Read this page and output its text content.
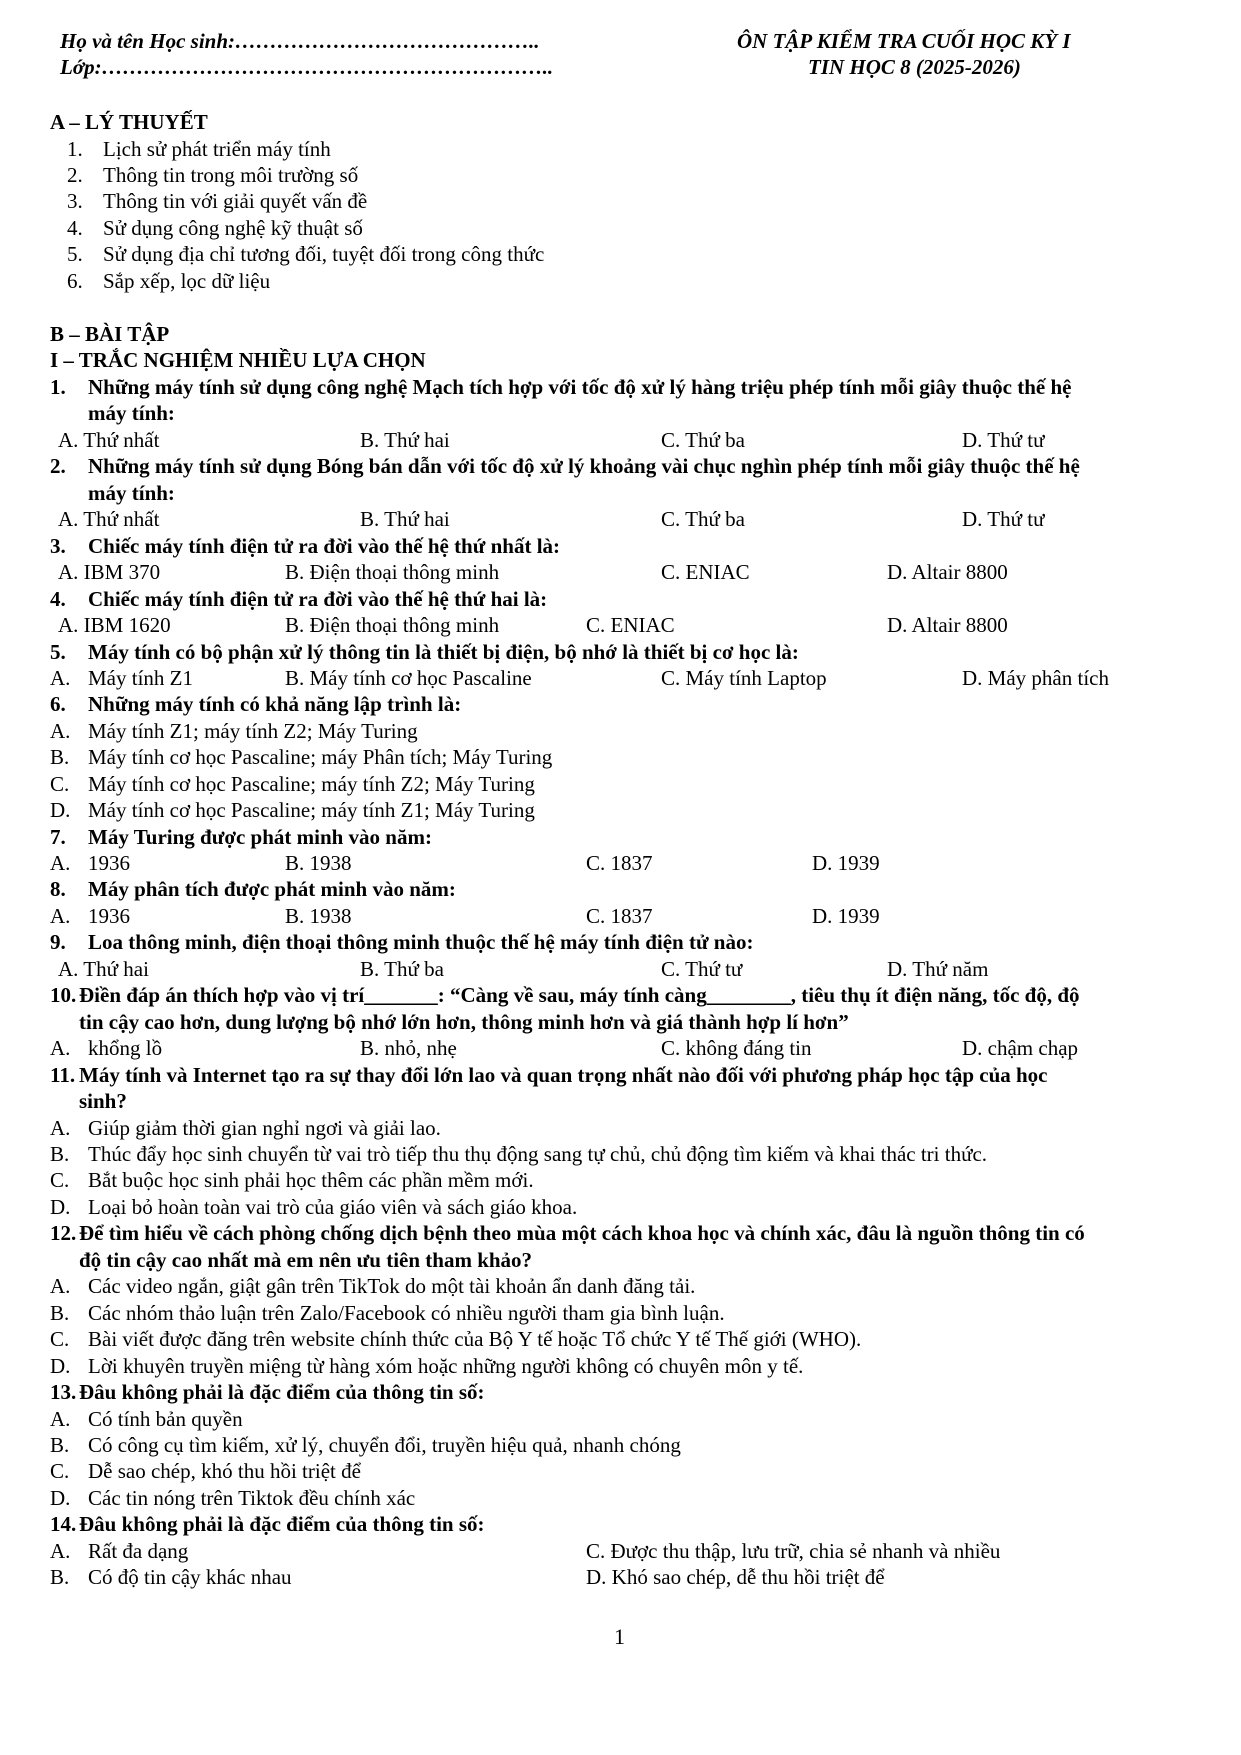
Họ và tên Học sinh:……………………………………..
Lớp:………………………………………………………..
ÔN TẬP KIỂM TRA CUỐI HỌC KỲ I
TIN HỌC 8 (2025-2026)
A – LÝ THUYẾT
1. Lịch sử phát triển máy tính
2. Thông tin trong môi trường số
3. Thông tin với giải quyết vấn đề
4. Sử dụng công nghệ kỹ thuật số
5. Sử dụng địa chỉ tương đối, tuyệt đối trong công thức
6. Sắp xếp, lọc dữ liệu
B – BÀI TẬP
I – TRẮC NGHIỆM NHIỀU LỰA CHỌN
1. Những máy tính sử dụng công nghệ Mạch tích hợp với tốc độ xử lý hàng triệu phép tính mỗi giây thuộc thế hệ
máy tính:
A. Thứ nhất	B. Thứ hai	C. Thứ ba	D. Thứ tư
2. Những máy tính sử dụng Bóng bán dẫn với tốc độ xử lý khoảng vài chục nghìn phép tính mỗi giây thuộc thế hệ
máy tính:
A. Thứ nhất	B. Thứ hai	C. Thứ ba	D. Thứ tư
3. Chiếc máy tính điện tử ra đời vào thế hệ thứ nhất là:
A. IBM 370	B. Điện thoại thông minh	C. ENIAC	D. Altair 8800
4. Chiếc máy tính điện tử ra đời vào thế hệ thứ hai là:
A. IBM 1620	B. Điện thoại thông minh	C. ENIAC	D. Altair 8800
5. Máy tính có bộ phận xử lý thông tin là thiết bị điện, bộ nhớ là thiết bị cơ học là:
A. Máy tính Z1	B. Máy tính cơ học Pascaline	C. Máy tính Laptop	D. Máy phân tích
6. Những máy tính có khả năng lập trình là:
A. Máy tính Z1; máy tính Z2; Máy Turing
B. Máy tính cơ học Pascaline; máy Phân tích; Máy Turing
C. Máy tính cơ học Pascaline; máy tính Z2; Máy Turing
D. Máy tính cơ học Pascaline; máy tính Z1; Máy Turing
7. Máy Turing được phát minh vào năm:
A. 1936	B. 1938	C. 1837	D. 1939
8. Máy phân tích được phát minh vào năm:
A. 1936	B. 1938	C. 1837	D. 1939
9. Loa thông minh, điện thoại thông minh thuộc thế hệ máy tính điện tử nào:
A. Thứ hai	B. Thứ ba	C. Thứ tư	D. Thứ năm
10. Điền đáp án thích hợp vào vị trí_______: “Càng về sau, máy tính càng________, tiêu thụ ít điện năng, tốc độ, độ
tin cậy cao hơn, dung lượng bộ nhớ lớn hơn, thông minh hơn và giá thành hợp lí hơn”
A. khổng lồ	B. nhỏ, nhẹ	C. không đáng tin	D. chậm chạp
11. Máy tính và Internet tạo ra sự thay đổi lớn lao và quan trọng nhất nào đối với phương pháp học tập của học
sinh?
A. Giúp giảm thời gian nghỉ ngơi và giải lao.
B. Thúc đẩy học sinh chuyển từ vai trò tiếp thu thụ động sang tự chủ, chủ động tìm kiếm và khai thác tri thức.
C. Bắt buộc học sinh phải học thêm các phần mềm mới.
D. Loại bỏ hoàn toàn vai trò của giáo viên và sách giáo khoa.
12. Để tìm hiểu về cách phòng chống dịch bệnh theo mùa một cách khoa học và chính xác, đâu là nguồn thông tin có
độ tin cậy cao nhất mà em nên ưu tiên tham khảo?
A. Các video ngắn, giật gân trên TikTok do một tài khoản ẩn danh đăng tải.
B. Các nhóm thảo luận trên Zalo/Facebook có nhiều người tham gia bình luận.
C. Bài viết được đăng trên website chính thức của Bộ Y tế hoặc Tổ chức Y tế Thế giới (WHO).
D. Lời khuyên truyền miệng từ hàng xóm hoặc những người không có chuyên môn y tế.
13. Đâu không phải là đặc điểm của thông tin số:
A. Có tính bản quyền
B. Có công cụ tìm kiếm, xử lý, chuyển đổi, truyền hiệu quả, nhanh chóng
C. Dễ sao chép, khó thu hồi triệt để
D. Các tin nóng trên Tiktok đều chính xác
14. Đâu không phải là đặc điểm của thông tin số:
A. Rất đa dạng	C. Được thu thập, lưu trữ, chia sẻ nhanh và nhiều
B. Có độ tin cậy khác nhau	D. Khó sao chép, dễ thu hồi triệt để
1
